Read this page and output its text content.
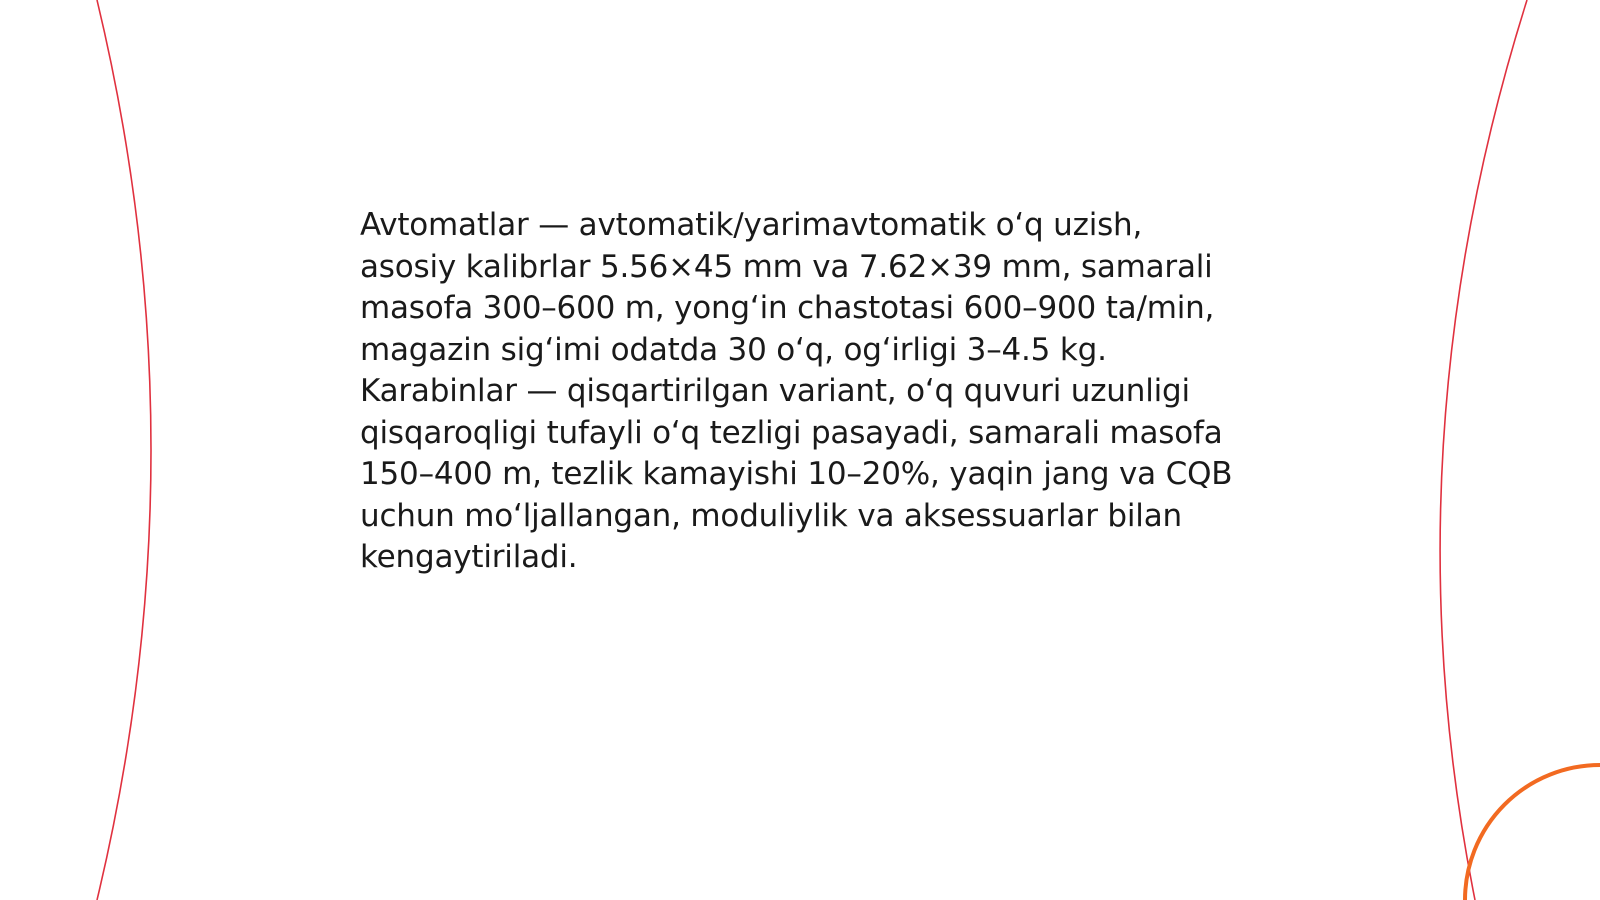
Avtomatlar — avtomatik/yarimavtomatik o‘q uzish, asosiy kalibrlar 5.56×45 mm va 7.62×39 mm, samarali masofa 300–600 m, yong‘in chastotasi 600–900 ta/min, magazin sig‘imi odatda 30 o‘q, og‘irligi 3–4.5 kg. Karabinlar — qisqartirilgan variant, o‘q quvuri uzunligi qisqaroqligi tufayli o‘q tezligi pasayadi, samarali masofa 150–400 m, tezlik kamayishi 10–20%, yaqin jang va CQB uchun mo‘ljallangan, moduliylik va aksessuarlar bilan kengaytiriladi.
